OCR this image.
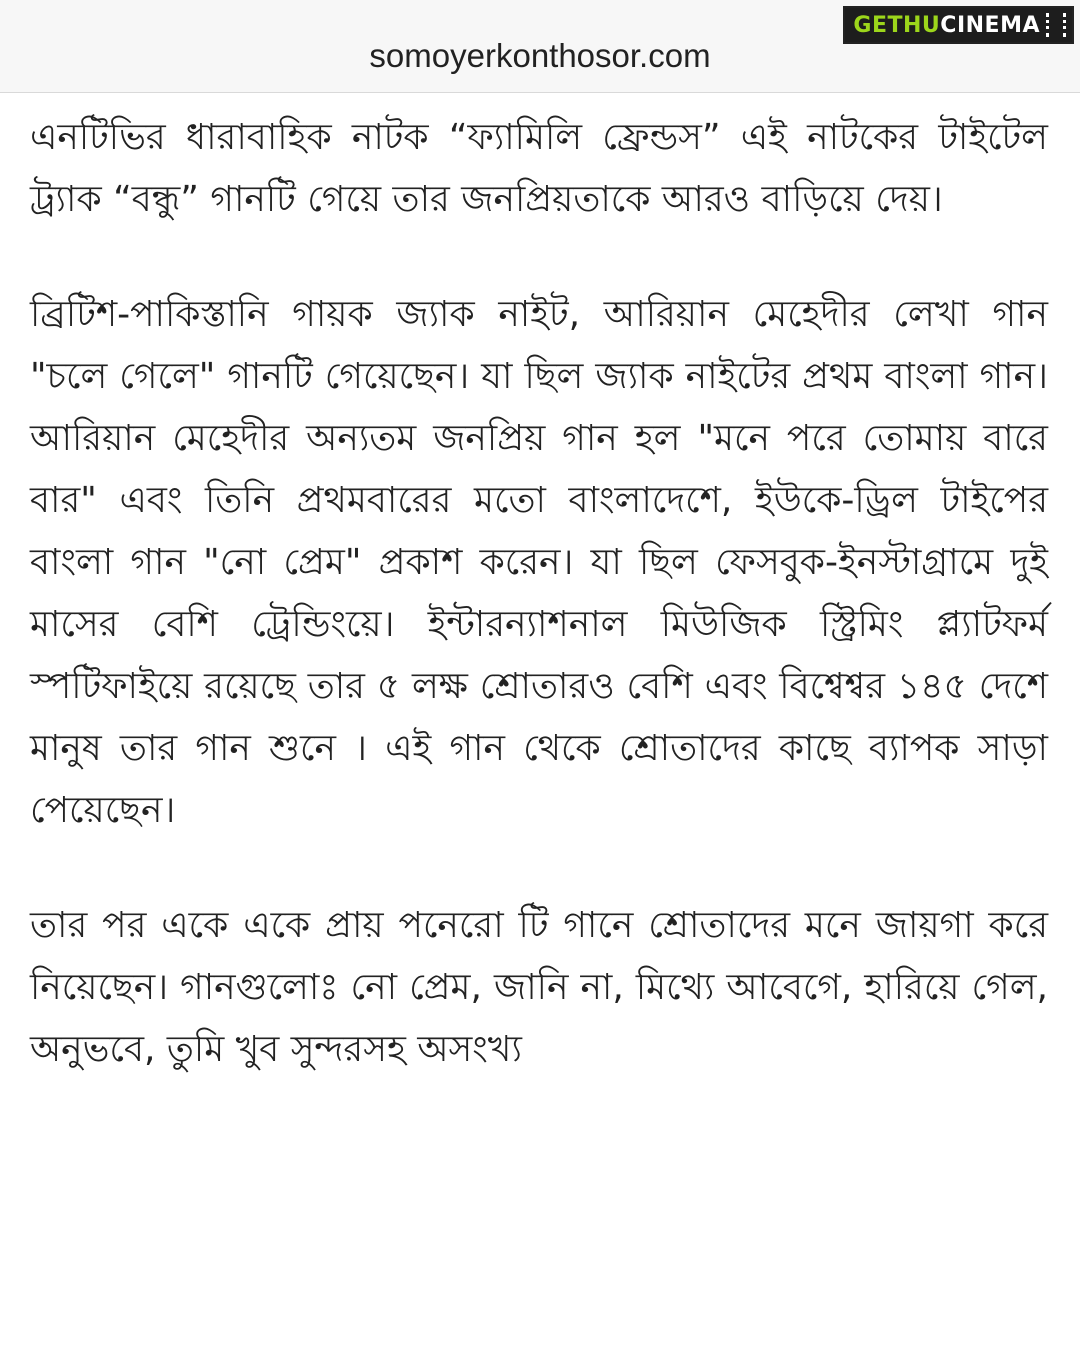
somoyerkonthosor.com
GETHU CINEMA

এনটিভির ধারাবাহিক নাটক “ফ্যামিলি ফ্রেন্ডস” এই নাটকের টাইটেল ট্র্যাক “বন্ধু” গানটি গেয়ে তার জনপ্রিয়তাকে আরও বাড়িয়ে দেয়।

ব্রিটিশ-পাকিস্তানি গায়ক জ্যাক নাইট, আরিয়ান মেহেদীর লেখা গান "চলে গেলে" গানটি গেয়েছেন। যা ছিল জ্যাক নাইটের প্রথম বাংলা গান। আরিয়ান মেহেদীর অন্যতম জনপ্রিয় গান হল "মনে পরে তোমায় বারে বার" এবং তিনি প্রথমবারের মতো বাংলাদেশে, ইউকে-ড্রিল টাইপের বাংলা গান "নো প্রেম" প্রকাশ করেন। যা ছিল ফেসবুক-ইনস্টাগ্রামে দুই মাসের বেশি ট্রেন্ডিংয়ে। ইন্টারন্যাশনাল মিউজিক স্ট্রিমিং প্ল্যাটফর্ম স্পটিফাইয়ে রয়েছে তার ৫ লক্ষ শ্রোতারও বেশি এবং বিশ্বেশ্বর ১৪৫ দেশে মানুষ তার গান শুনে । এই গান থেকে শ্রোতাদের কাছে ব্যাপক সাড়া পেয়েছেন।

তার পর একে একে প্রায় পনেরো টি গানে শ্রোতাদের মনে জায়গা করে নিয়েছেন। গানগুলোঃ নো প্রেম, জানি না, মিথ্যে আবেগে, হারিয়ে গেল, অনুভবে, তুমি খুব সুন্দরসহ অসংখ্য
